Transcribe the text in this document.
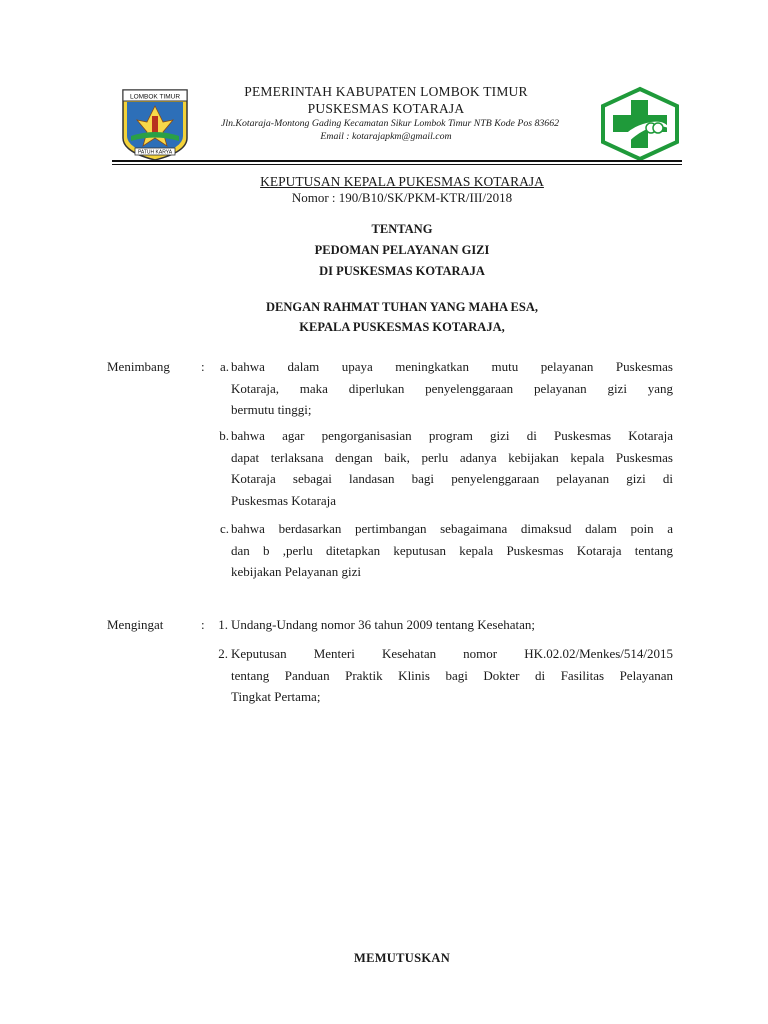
LOMBOK TIMUR
PATUH KARYA
PEMERINTAH KABUPATEN LOMBOK TIMUR
PUSKESMAS KOTARAJA
Jln.Kotaraja-Montong Gading Kecamatan Sikur Lombok Timur NTB Kode Pos 83662
Email : kotarajapkm@gmail.com
KEPUTUSAN KEPALA PUKESMAS KOTARAJA
Nomor : 190/B10/SK/PKM-KTR/III/2018
TENTANG
PEDOMAN PELAYANAN GIZI
DI PUSKESMAS KOTARAJA
DENGAN RAHMAT TUHAN YANG MAHA ESA,
KEPALA PUSKESMAS KOTARAJA,
Menimbang :	a. bahwa dalam upaya meningkatkan mutu pelayanan Puskesmas
Kotaraja, maka diperlukan penyelenggaraan pelayanan gizi yang
bermutu tinggi;
b. bahwa agar pengorganisasian program gizi di Puskesmas Kotaraja
dapat terlaksana dengan baik, perlu adanya kebijakan kepala Puskesmas
Kotaraja sebagai landasan bagi penyelenggaraan pelayanan gizi di
Puskesmas Kotaraja
c. bahwa berdasarkan pertimbangan sebagaimana dimaksud dalam poin a
dan b ,perlu ditetapkan keputusan kepala Puskesmas Kotaraja tentang
kebijakan Pelayanan gizi
Mengingat	:	1. Undang-Undang nomor 36 tahun 2009 tentang Kesehatan;
2. Keputusan Menteri Kesehatan nomor HK.02.02/Menkes/514/2015
tentang Panduan Praktik Klinis bagi Dokter di Fasilitas Pelayanan
Tingkat Pertama;
MEMUTUSKAN
